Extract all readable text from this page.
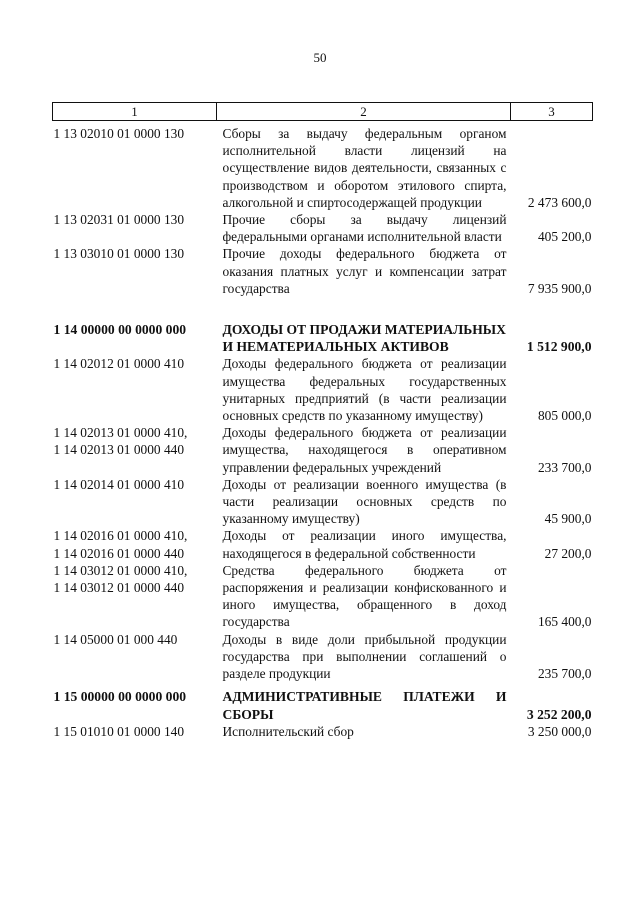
50
1	2	3
1 13 02010 01 0000 130	Сборы за выдачу федеральным органом исполнительной власти лицензий на осуществление видов деятельности, связанных с производством и оборотом этилового спирта, алкогольной и спиртосодержащей продукции	2 473 600,0
1 13 02031 01 0000 130	Прочие сборы за выдачу лицензий федеральными органами исполнительной власти	405 200,0
1 13 03010 01 0000 130	Прочие доходы федерального бюджета от оказания платных услуг и компенсации затрат государства	7 935 900,0

1 14 00000 00 0000 000	ДОХОДЫ ОТ ПРОДАЖИ МАТЕРИАЛЬНЫХ И НЕМАТЕРИАЛЬНЫХ АКТИВОВ	1 512 900,0
1 14 02012 01 0000 410	Доходы федерального бюджета от реализации имущества федеральных государственных унитарных предприятий (в части реализации основных средств по указанному имуществу)	805 000,0
1 14 02013 01 0000 410,
1 14 02013 01 0000 440	Доходы федерального бюджета от реализации имущества, находящегося в оперативном управлении федеральных учреждений	233 700,0
1 14 02014 01 0000 410	Доходы от реализации военного имущества (в части реализации основных средств по указанному имуществу)	45 900,0
1 14 02016 01 0000 410,
1 14 02016 01 0000 440	Доходы от реализации иного имущества, находящегося в федеральной собственности	27 200,0
1 14 03012 01 0000 410,
1 14 03012 01 0000 440	Средства федерального бюджета от распоряжения и реализации конфискованного и иного имущества, обращенного в доход государства	165 400,0
1 14 05000 01 000 440	Доходы в виде доли прибыльной продукции государства при выполнении соглашений о разделе продукции	235 700,0
1 15 00000 00 0000 000	АДМИНИСТРАТИВНЫЕ ПЛАТЕЖИ И СБОРЫ	3 252 200,0
1 15 01010 01 0000 140	Исполнительский сбор	3 250 000,0
